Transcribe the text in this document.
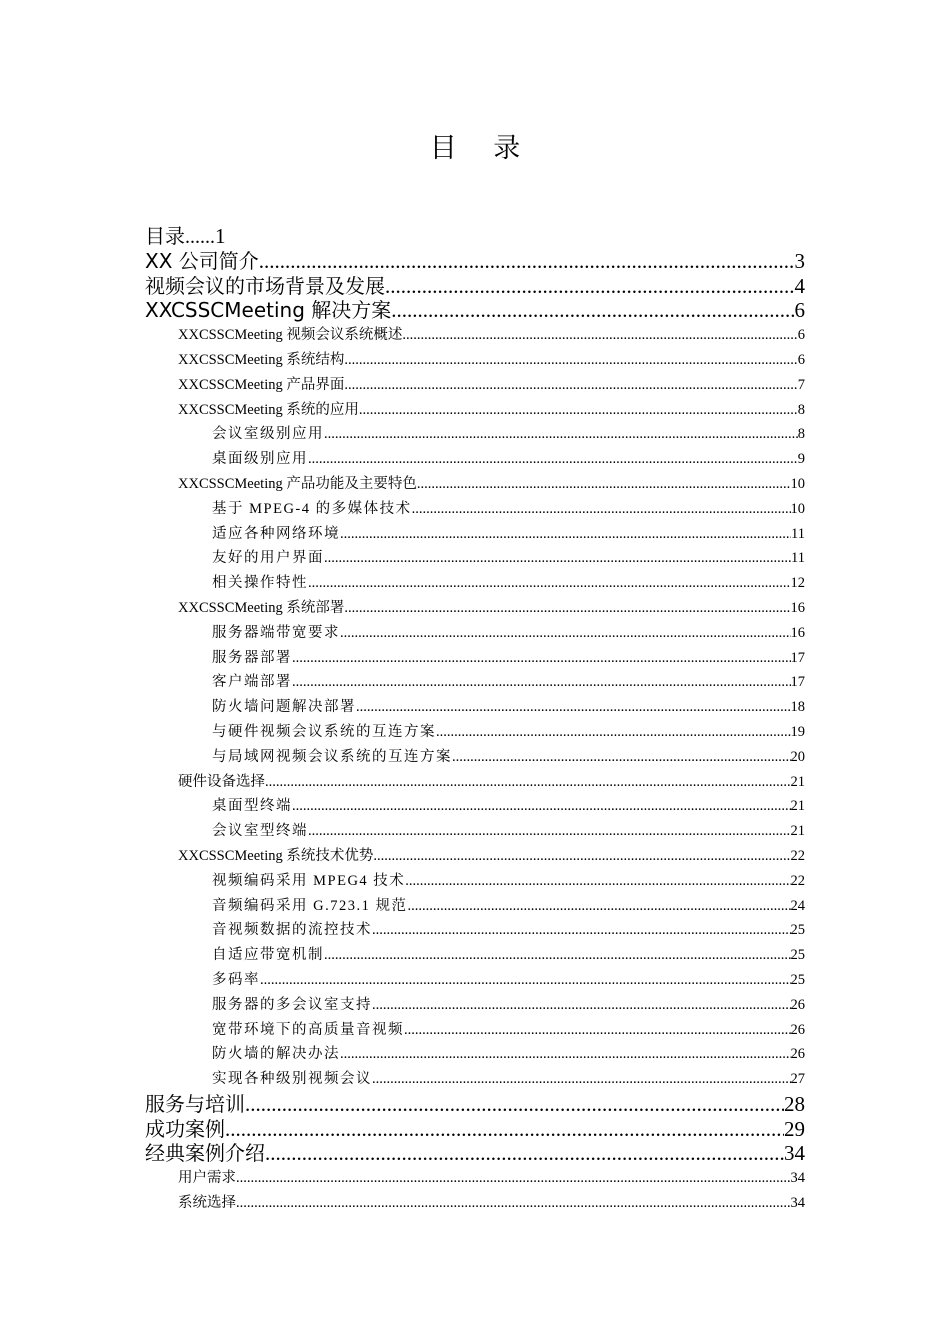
目 录
目录......1
XX 公司简介 .....	3
视频会议的市场背景及发展 .....	4
XXCSSCMeeting 解决方案 .....	6
XXCSSCMeeting 视频会议系统概述 .....	6
XXCSSCMeeting 系统结构 .....	6
XXCSSCMeeting 产品界面 .....	7
XXCSSCMeeting 系统的应用 .....	8
会议室级别应用 .....	8
桌面级别应用 .....	9
XXCSSCMeeting 产品功能及主要特色 .....	10
基于 MPEG-4 的多媒体技术 .....	10
适应各种网络环境 .....	11
友好的用户界面 .....	11
相关操作特性 .....	12
XXCSSCMeeting 系统部署 .....	16
服务器端带宽要求 .....	16
服务器部署 .....	17
客户端部署 .....	17
防火墙问题解决部署 .....	18
与硬件视频会议系统的互连方案 .....	19
与局域网视频会议系统的互连方案 .....	20
硬件设备选择 .....	21
桌面型终端 .....	21
会议室型终端 .....	21
XXCSSCMeeting 系统技术优势 .....	22
视频编码采用 MPEG4 技术 .....	22
音频编码采用 G.723.1 规范 .....	24
音视频数据的流控技术 .....	25
自适应带宽机制 .....	25
多码率 .....	25
服务器的多会议室支持 .....	26
宽带环境下的高质量音视频 .....	26
防火墙的解决办法 .....	26
实现各种级别视频会议 .....	27
服务与培训 .....	28
成功案例 .....	29
经典案例介绍 .....	34
用户需求 .....	34
系统选择 .....	34
